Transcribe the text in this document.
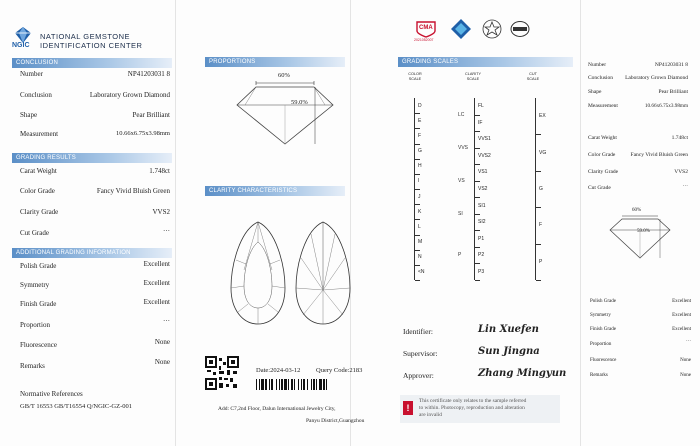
NGIC
NATIONAL GEMSTONE
IDENTIFICATION CENTER
CONCLUSION
Number	NP41203031 8
Conclusion	Laboratory Grown Diamond
Shape	Pear Brilliant
Measurement	10.66x6.75x3.98mm
GRADING RESULTS
Carat Weight	1.748ct
Color Grade	Fancy Vivid Bluish Green
Clarity Grade	VVS2
Cut Grade	…
ADDITIONAL GRADING INFORMATION
Polish Grade	Excellent
Symmetry	Excellent
Finish Grade	Excellent
Proportion
…
Fluorescence	None
Remarks	None
Normative References
GB/T 16553 GB/T16554 Q/NGIC-GZ-001
PROPORTIONS
60%
59.0%
CLARITY CHARACTERISTICS
Date:2024-03-12 Query Code:2183
Add: C7,2nd Floor, Dalun International Jewelry City,
Panyu District,Guangzhou
CMA
2021052007
GRADING SCALES
COLOR SCALE
CLARITY SCALE
CUT SCALE
D
E
F
G
H
I
J
K
L
M
N
<N
FL
IF
VVS1
VVS2
VS1
VS2
SI1
SI2
P1
P2
P3
LC
VVS
VS
SI
P
EX
VG
G
F
P
Identifier:	Lin Xuefen
Supervisor:	Sun Jingna
Approver:	Zhang Mingyun
!
This certificate only relates to the sample referred
to within. Photocopy, reproduction and alteration
are invalid
Number	NP41203031 8
Conclusion	Laboratory Grown Diamond
Shape	Pear Brilliant
Measurement	10.66x6.75x3.98mm
Carat Weight	1.748ct
Color Grade	Fancy Vivid Bluish Green
Clarity Grade	VVS2
Cut Grade	…
60%
59.0%
Polish Grade	Excellent
Symmetry	Excellent
Finish Grade	Excellent
Proportion
…
Fluorescence	None
Remarks	None
